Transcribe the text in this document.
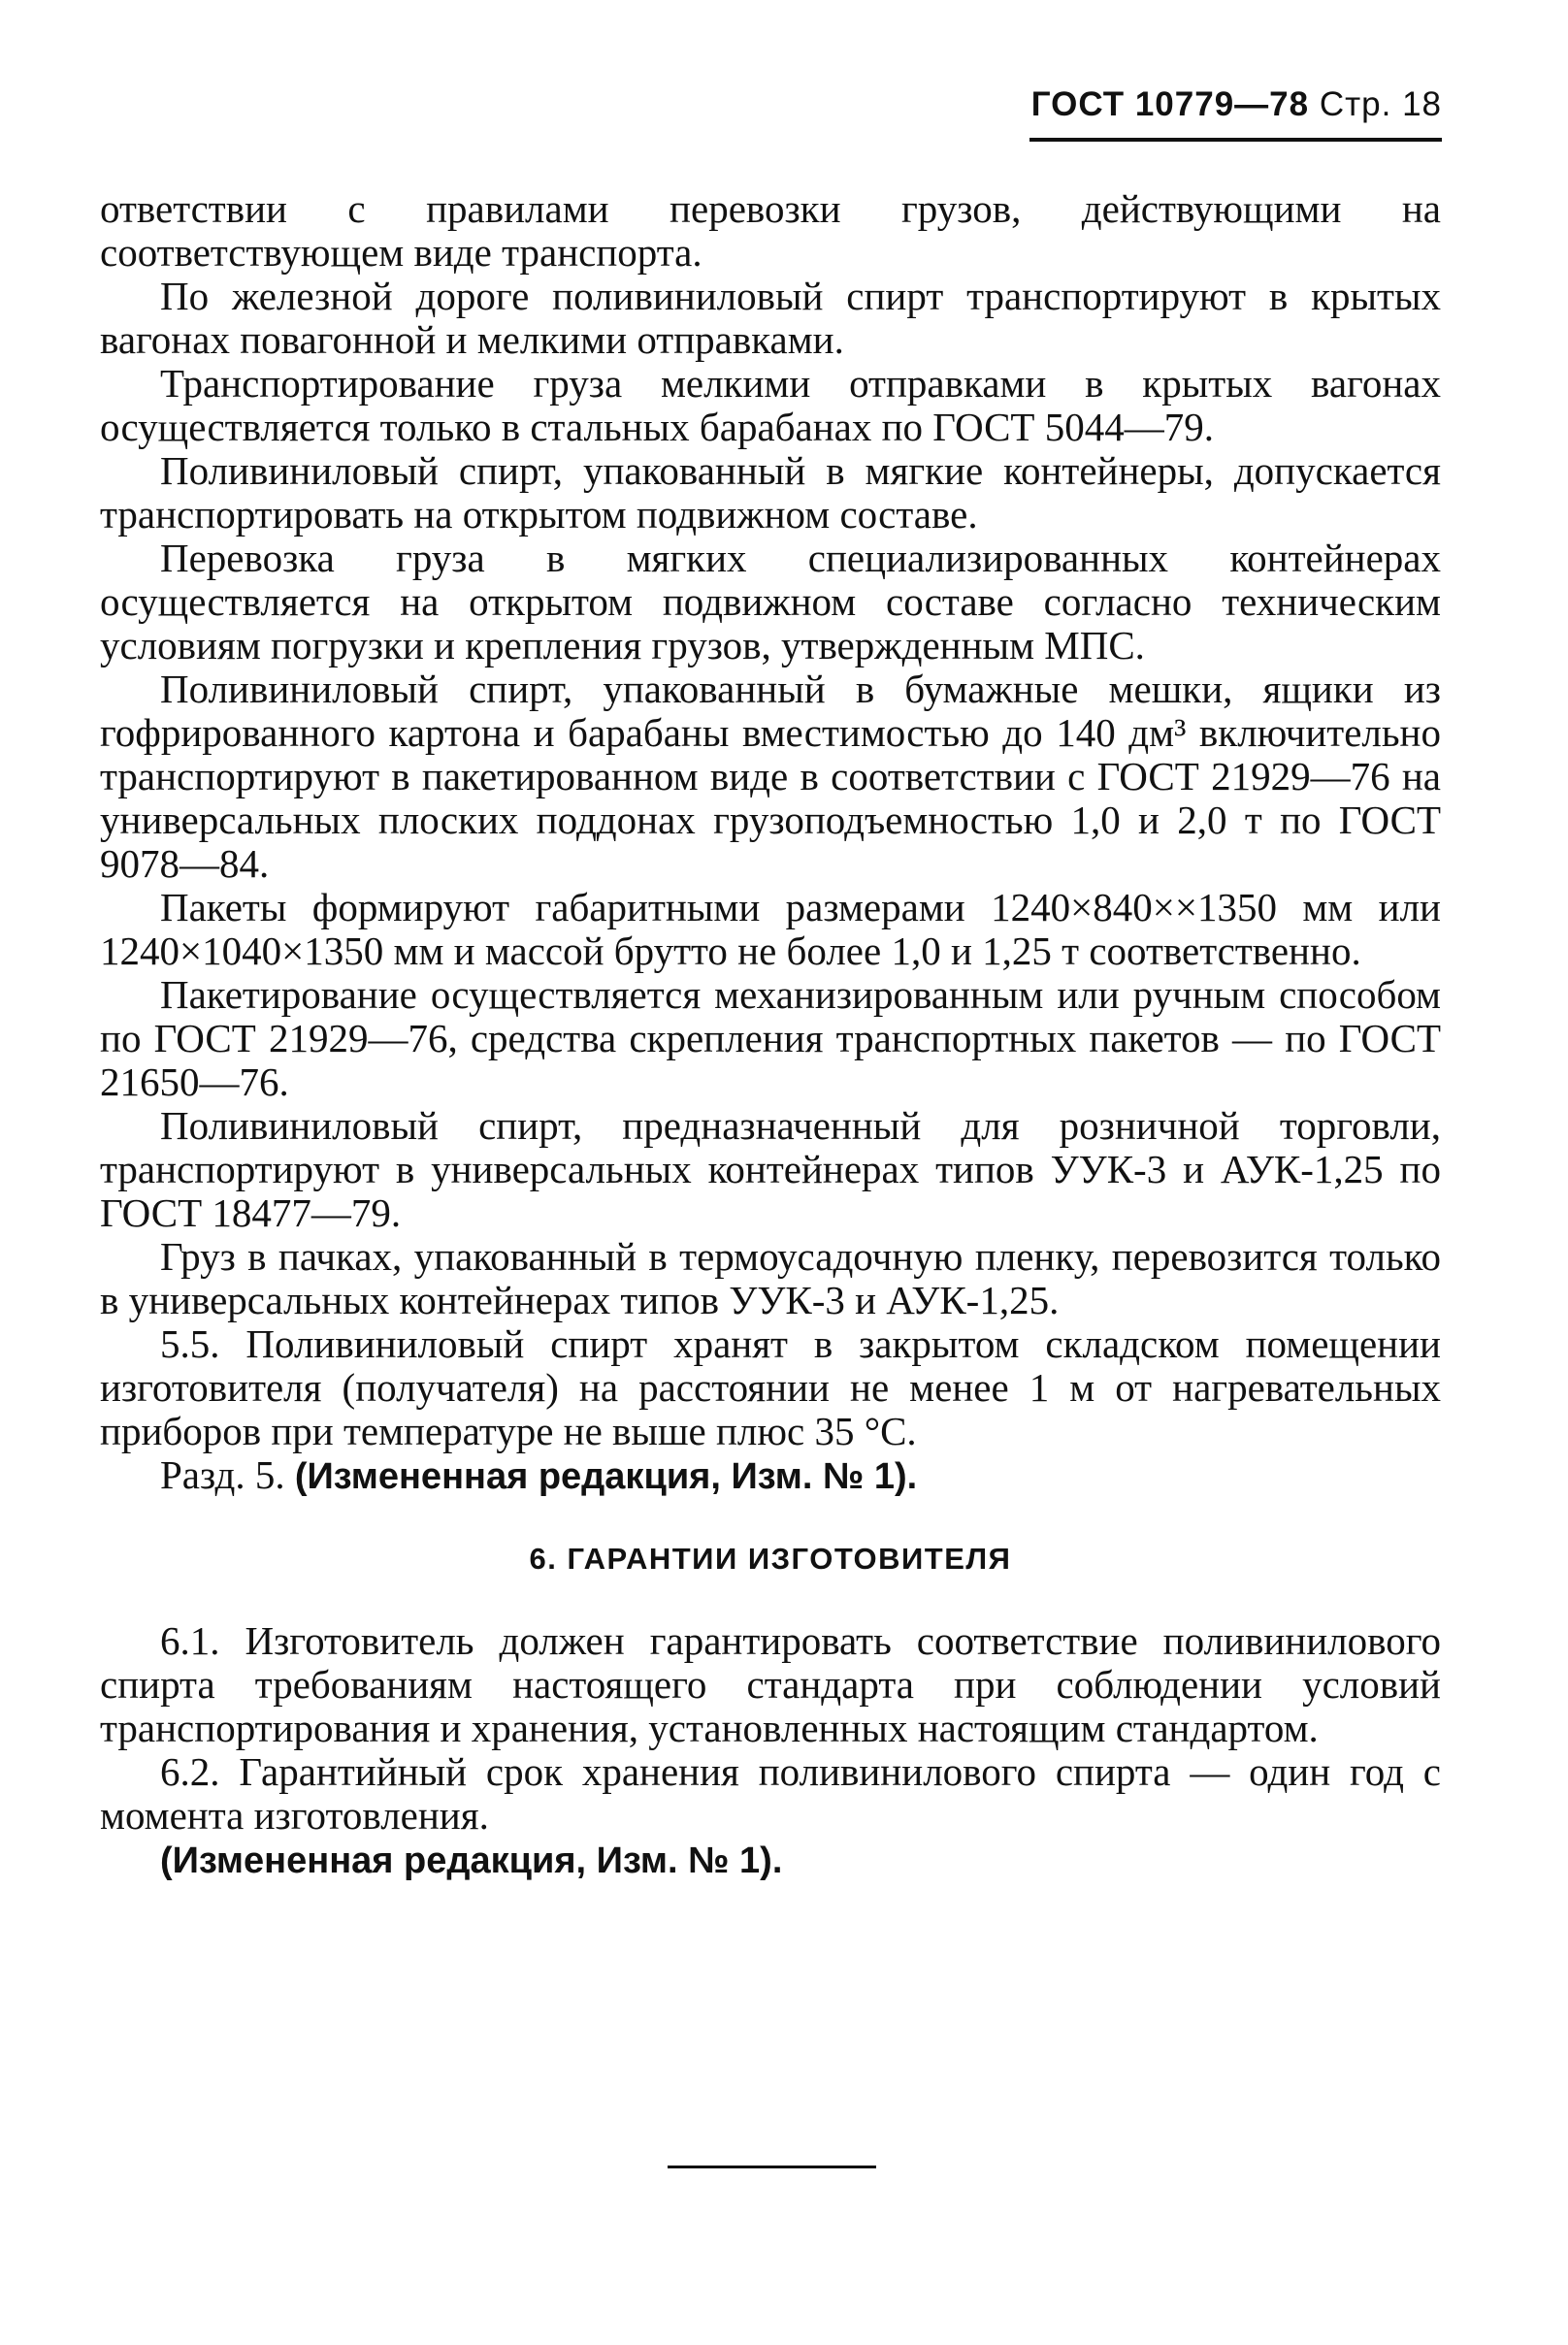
ГОСТ 10779—78 Стр. 18

ответствии с правилами перевозки грузов, действующими на соответствующем виде транспорта.

По железной дороге поливиниловый спирт транспортируют в крытых вагонах повагонной и мелкими отправками.

Транспортирование груза мелкими отправками в крытых вагонах осуществляется только в стальных барабанах по ГОСТ 5044—79.

Поливиниловый спирт, упакованный в мягкие контейнеры, допускается транспортировать на открытом подвижном составе.

Перевозка груза в мягких специализированных контейнерах осуществляется на открытом подвижном составе согласно техническим условиям погрузки и крепления грузов, утвержденным МПС.

Поливиниловый спирт, упакованный в бумажные мешки, ящики из гофрированного картона и барабаны вместимостью до 140 дм³ включительно транспортируют в пакетированном виде в соответствии с ГОСТ 21929—76 на универсальных плоских поддонах грузоподъемностью 1,0 и 2,0 т по ГОСТ 9078—84.

Пакеты формируют габаритными размерами 1240×840××1350 мм или 1240×1040×1350 мм и массой брутто не более 1,0 и 1,25 т соответственно.

Пакетирование осуществляется механизированным или ручным способом по ГОСТ 21929—76, средства скрепления транспортных пакетов — по ГОСТ 21650—76.

Поливиниловый спирт, предназначенный для розничной торговли, транспортируют в универсальных контейнерах типов УУК-3 и АУК-1,25 по ГОСТ 18477—79.

Груз в пачках, упакованный в термоусадочную пленку, перевозится только в универсальных контейнерах типов УУК-3 и АУК-1,25.

5.5. Поливиниловый спирт хранят в закрытом складском помещении изготовителя (получателя) на расстоянии не менее 1 м от нагревательных приборов при температуре не выше плюс 35 °С.

Разд. 5. (Измененная редакция, Изм. № 1).

6. ГАРАНТИИ ИЗГОТОВИТЕЛЯ

6.1. Изготовитель должен гарантировать соответствие поливинилового спирта требованиям настоящего стандарта при соблюдении условий транспортирования и хранения, установленных настоящим стандартом.

6.2. Гарантийный срок хранения поливинилового спирта — один год с момента изготовления.

(Измененная редакция, Изм. № 1).
